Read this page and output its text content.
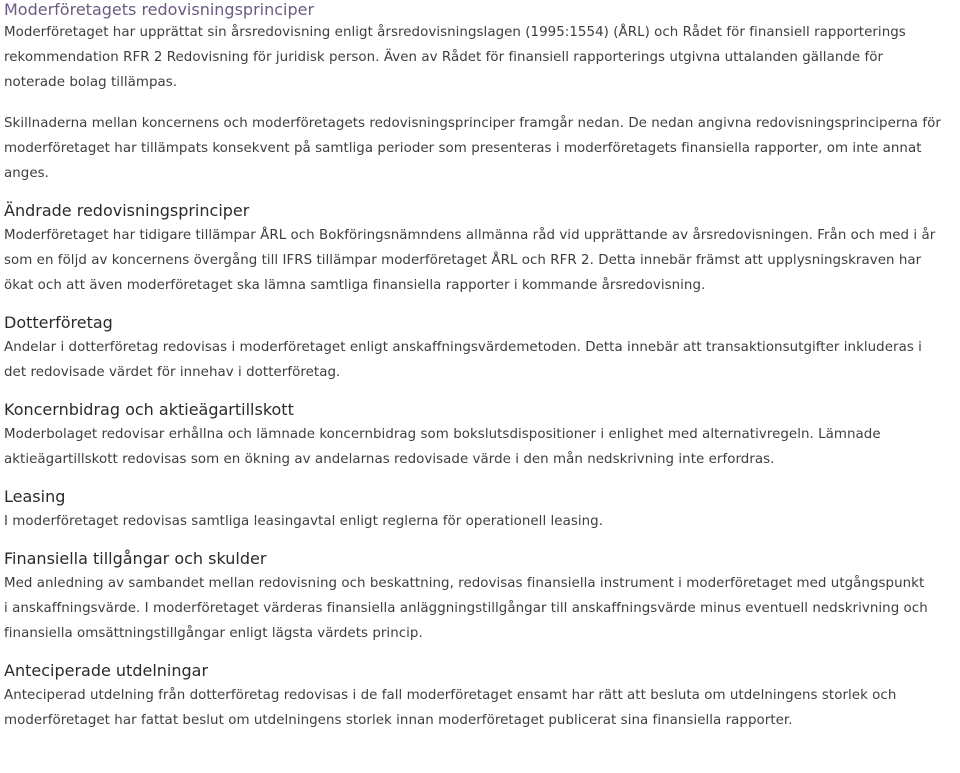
Moderföretagets redovisningsprinciper

Moderföretaget har upprättat sin årsredovisning enligt årsredovisningslagen (1995:1554) (ÅRL) och Rådet för finansiell rapporterings rekommendation RFR 2 Redovisning för juridisk person. Även av Rådet för finansiell rapporterings utgivna uttalanden gällande för noterade bolag tillämpas.

Skillnaderna mellan koncernens och moderföretagets redovisningsprinciper framgår nedan. De nedan angivna redovisningsprinciperna för moderföretaget har tillämpats konsekvent på samtliga perioder som presenteras i moderföretagets finansiella rapporter, om inte annat anges.

Ändrade redovisningsprinciper

Moderföretaget har tidigare tillämpar ÅRL och Bokföringsnämndens allmänna råd vid upprättande av årsredovisningen. Från och med i år som en följd av koncernens övergång till IFRS tillämpar moderföretaget ÅRL och RFR 2. Detta innebär främst att upplysningskraven har ökat och att även moderföretaget ska lämna samtliga finansiella rapporter i kommande årsredovisning.

Dotterföretag

Andelar i dotterföretag redovisas i moderföretaget enligt anskaffningsvärdemetoden. Detta innebär att transaktionsutgifter inkluderas i det redovisade värdet för innehav i dotterföretag.

Koncernbidrag och aktieägartillskott

Moderbolaget redovisar erhållna och lämnade koncernbidrag som bokslutsdispositioner i enlighet med alternativregeln. Lämnade aktieägartillskott redovisas som en ökning av andelarnas redovisade värde i den mån nedskrivning inte erfordras.

Leasing

I moderföretaget redovisas samtliga leasingavtal enligt reglerna för operationell leasing.

Finansiella tillgångar och skulder

Med anledning av sambandet mellan redovisning och beskattning, redovisas finansiella instrument i moderföretaget med utgångspunkt i anskaffningsvärde. I moderföretaget värderas finansiella anläggningstillgångar till anskaffningsvärde minus eventuell nedskrivning och finansiella omsättningstillgångar enligt lägsta värdets princip.

Anteciperade utdelningar

Anteciperad utdelning från dotterföretag redovisas i de fall moderföretaget ensamt har rätt att besluta om utdelningens storlek och moderföretaget har fattat beslut om utdelningens storlek innan moderföretaget publicerat sina finansiella rapporter.
